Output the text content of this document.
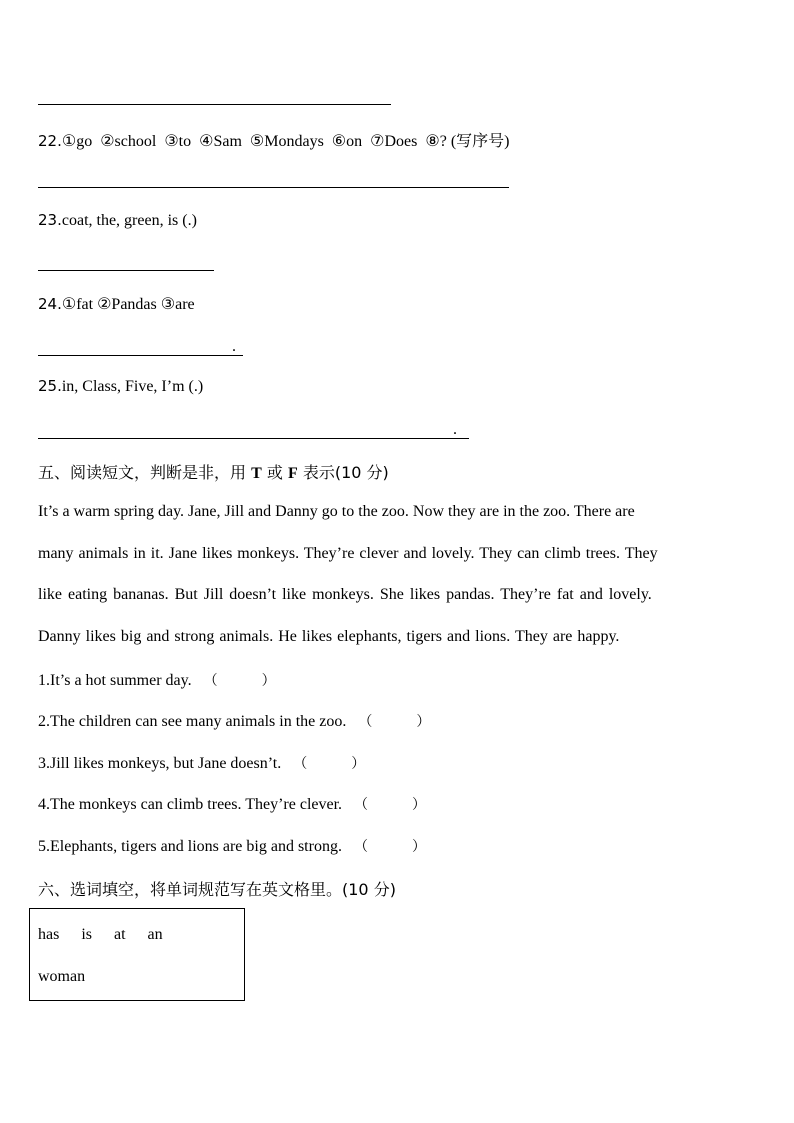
22.①go  ②school  ③to  ④Sam  ⑤Mondays  ⑥on  ⑦Does  ⑧? (写序号)
23.coat, the, green, is (.)
24.①fat ②Pandas ③are
.
25.in, Class, Five, I’m (.)
.
五、阅读短文，判断是非，用 T 或 F 表示(10 分)
It’s a warm spring day. Jane, Jill and Danny go to the zoo. Now they are in the zoo. There are
many animals in it. Jane likes monkeys. They’re clever and lovely. They can climb trees. They
like eating bananas. But Jill doesn’t like monkeys. She likes pandas. They’re fat and lovely.
Danny likes big and strong animals. He likes elephants, tigers and lions. They are happy.
1.It’s a hot summer day. （	）
2.The children can see many animals in the zoo. （	）
3.Jill likes monkeys, but Jane doesn’t. （	）
4.The monkeys can climb trees. They’re clever. （	）
5.Elephants, tigers and lions are big and strong. （	）
六、选词填空，将单词规范写在英文格里。(10 分)
has is at an
woman
